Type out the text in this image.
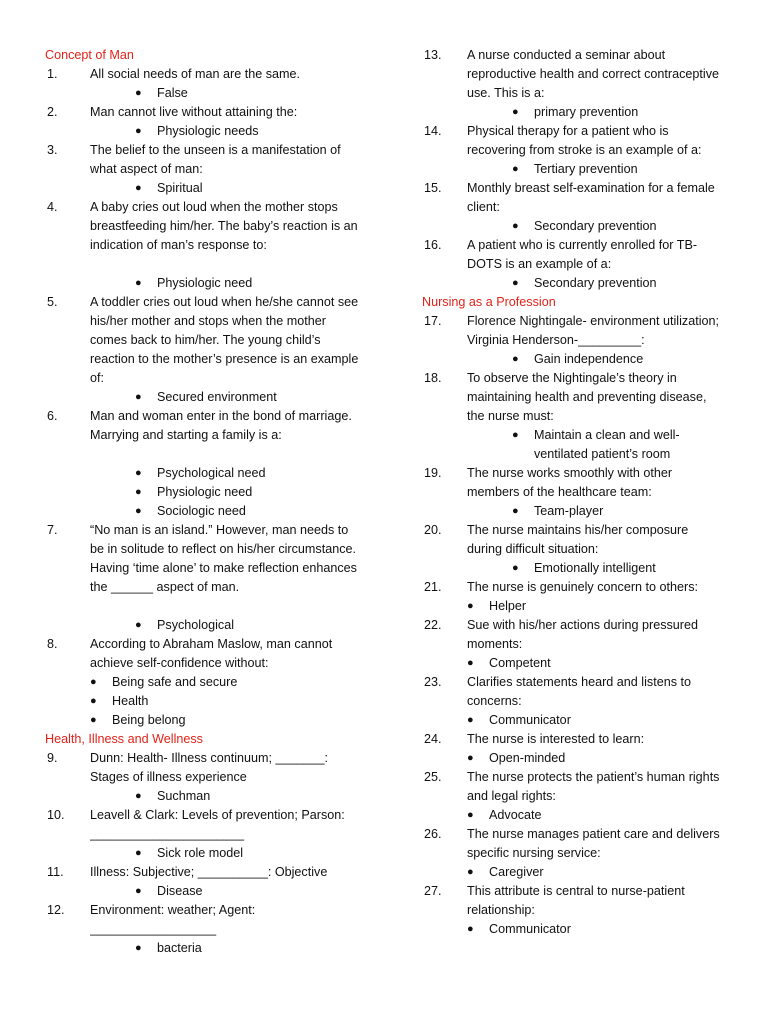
Concept of Man
1.	All social needs of man are the same.
●	False
2.	Man cannot live without attaining the:
●	Physiologic needs
3.	The belief to the unseen is a manifestation of what aspect of man:
●	Spiritual
4.	A baby cries out loud when the mother stops breastfeeding him/her. The baby’s reaction is an indication of man’s response to:
●	Physiologic need
5.	A toddler cries out loud when he/she cannot see his/her mother and stops when the mother comes back to him/her. The young child’s reaction to the mother’s presence is an example of:
●	Secured environment
6.	Man and woman enter in the bond of marriage. Marrying and starting a family is a:
●	Psychological need
●	Physiologic need
●	Sociologic need
7.	“No man is an island.” However, man needs to be in solitude to reflect on his/her circumstance. Having ‘time alone’ to make reflection enhances the ______ aspect of man.
●	Psychological
8.	According to Abraham Maslow, man cannot achieve self-confidence without:
●	Being safe and secure
●	Health
●	Being belong
Health, Illness and Wellness
9.	Dunn: Health- Illness continuum; _______: Stages of illness experience
●	Suchman
10.	Leavell & Clark: Levels of prevention; Parson: ______________________
●	Sick role model
11.	Illness: Subjective; __________: Objective
●	Disease
12.	Environment: weather; Agent: __________________
●	bacteria
13.	A nurse conducted a seminar about reproductive health and correct contraceptive use. This is a:
●	primary prevention
14.	Physical therapy for a patient who is recovering from stroke is an example of a:
●	Tertiary prevention
15.	Monthly breast self-examination for a female client:
●	Secondary prevention
16.	A patient who is currently enrolled for TB-DOTS is an example of a:
●	Secondary prevention
Nursing as a Profession
17.	Florence Nightingale- environment utilization; Virginia Henderson-_________:
●	Gain independence
18.	To observe the Nightingale’s theory in maintaining health and preventing disease, the nurse must:
●	Maintain a clean and well-ventilated patient’s room
19.	The nurse works smoothly with other members of the healthcare team:
●	Team-player
20.	The nurse maintains his/her composure during difficult situation:
●	Emotionally intelligent
21.	The nurse is genuinely concern to others:
●	Helper
22.	Sue with his/her actions during pressured moments:
●	Competent
23.	Clarifies statements heard and listens to concerns:
●	Communicator
24.	The nurse is interested to learn:
●	Open-minded
25.	The nurse protects the patient’s human rights and legal rights:
●	Advocate
26.	The nurse manages patient care and delivers specific nursing service:
●	Caregiver
27.	This attribute is central to nurse-patient relationship:
●	Communicator
